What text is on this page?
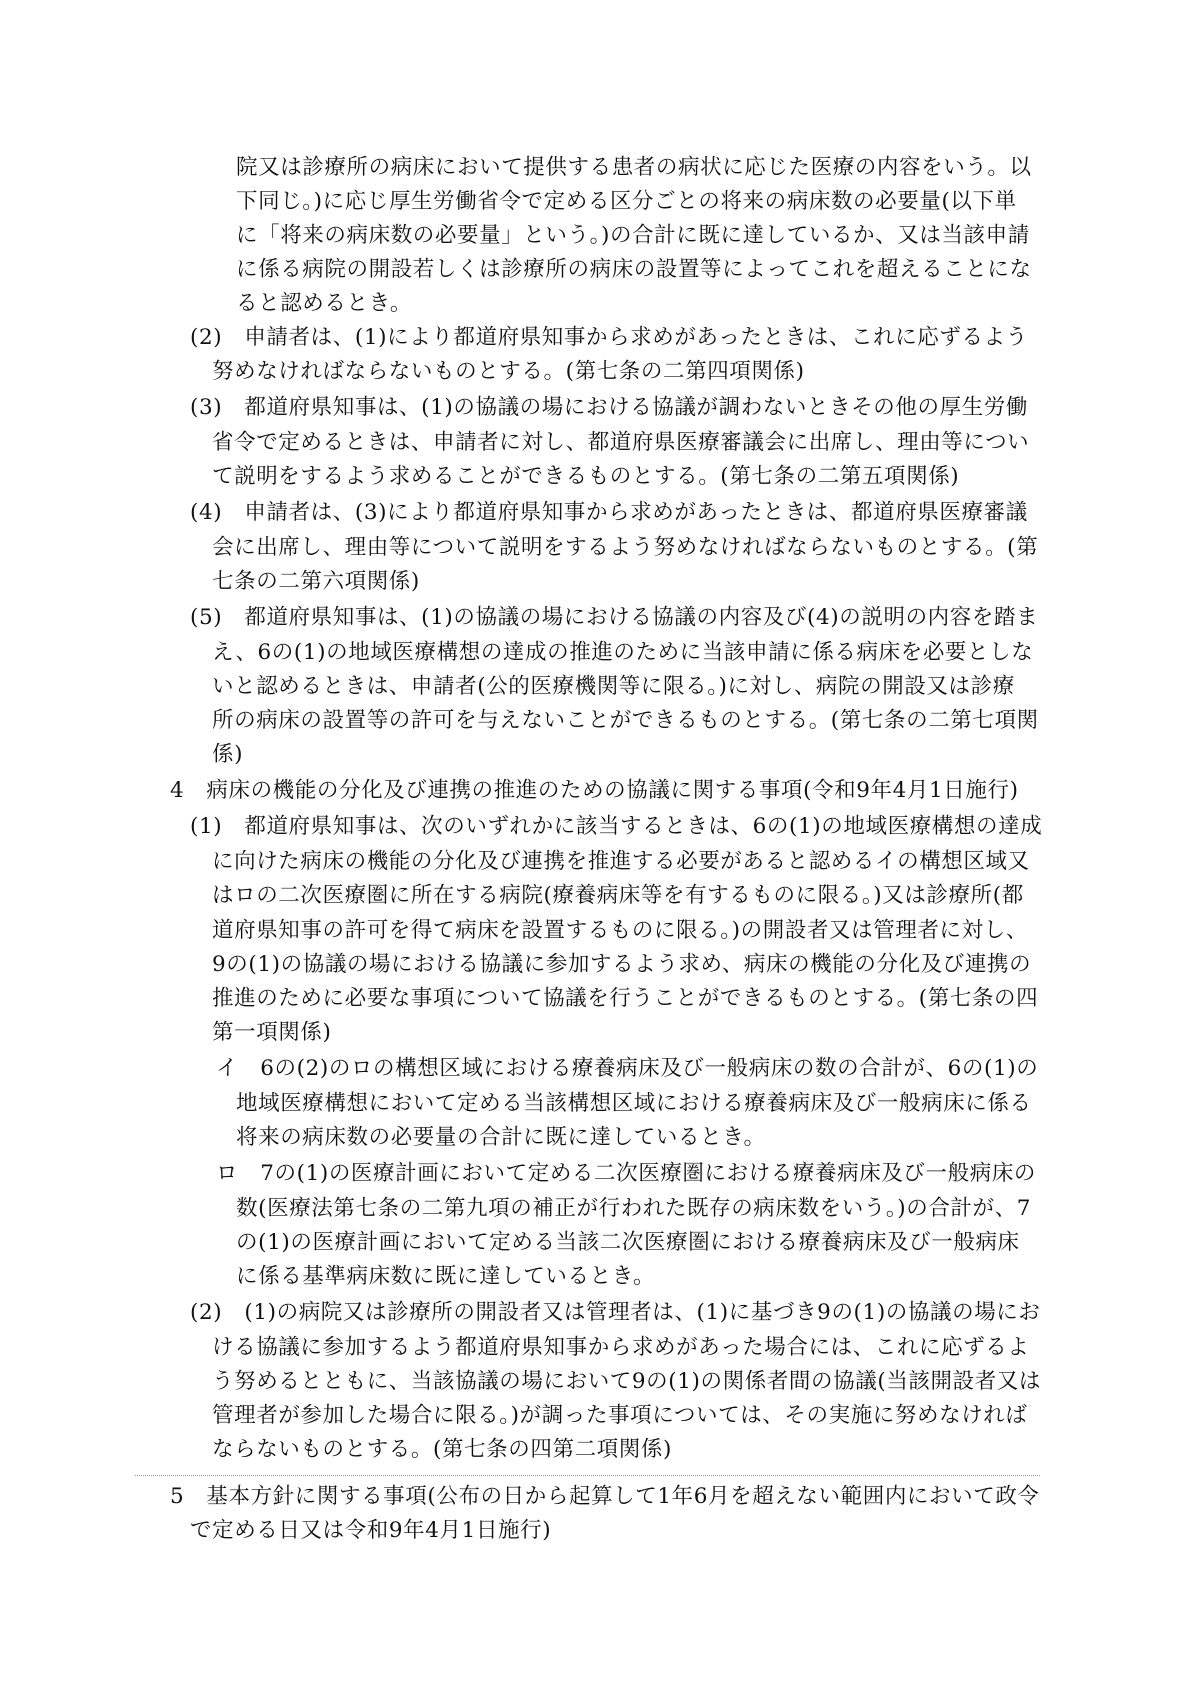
院又は診療所の病床において提供する患者の病状に応じた医療の内容をいう。以
下同じ。)に応じ厚生労働省令で定める区分ごとの将来の病床数の必要量(以下単
に「将来の病床数の必要量」という。)の合計に既に達しているか、又は当該申請
に係る病院の開設若しくは診療所の病床の設置等によってこれを超えることにな
ると認めるとき。
(2)　申請者は、(1)により都道府県知事から求めがあったときは、これに応ずるよう
努めなければならないものとする。(第七条の二第四項関係)
(3)　都道府県知事は、(1)の協議の場における協議が調わないときその他の厚生労働
省令で定めるときは、申請者に対し、都道府県医療審議会に出席し、理由等につい
て説明をするよう求めることができるものとする。(第七条の二第五項関係)
(4)　申請者は、(3)により都道府県知事から求めがあったときは、都道府県医療審議
会に出席し、理由等について説明をするよう努めなければならないものとする。(第
七条の二第六項関係)
(5)　都道府県知事は、(1)の協議の場における協議の内容及び(4)の説明の内容を踏ま
え、6の(1)の地域医療構想の達成の推進のために当該申請に係る病床を必要としな
いと認めるときは、申請者(公的医療機関等に限る。)に対し、病院の開設又は診療
所の病床の設置等の許可を与えないことができるものとする。(第七条の二第七項関
係)
4　病床の機能の分化及び連携の推進のための協議に関する事項(令和9年4月1日施行)
(1)　都道府県知事は、次のいずれかに該当するときは、6の(1)の地域医療構想の達成
に向けた病床の機能の分化及び連携を推進する必要があると認めるイの構想区域又
はロの二次医療圏に所在する病院(療養病床等を有するものに限る。)又は診療所(都
道府県知事の許可を得て病床を設置するものに限る。)の開設者又は管理者に対し、
9の(1)の協議の場における協議に参加するよう求め、病床の機能の分化及び連携の
推進のために必要な事項について協議を行うことができるものとする。(第七条の四
第一項関係)
イ　6の(2)のロの構想区域における療養病床及び一般病床の数の合計が、6の(1)の
地域医療構想において定める当該構想区域における療養病床及び一般病床に係る
将来の病床数の必要量の合計に既に達しているとき。
ロ　7の(1)の医療計画において定める二次医療圏における療養病床及び一般病床の
数(医療法第七条の二第九項の補正が行われた既存の病床数をいう。)の合計が、7
の(1)の医療計画において定める当該二次医療圏における療養病床及び一般病床
に係る基準病床数に既に達しているとき。
(2)　(1)の病院又は診療所の開設者又は管理者は、(1)に基づき9の(1)の協議の場にお
ける協議に参加するよう都道府県知事から求めがあった場合には、これに応ずるよ
う努めるとともに、当該協議の場において9の(1)の関係者間の協議(当該開設者又は
管理者が参加した場合に限る。)が調った事項については、その実施に努めなければ
ならないものとする。(第七条の四第二項関係)
5　基本方針に関する事項(公布の日から起算して1年6月を超えない範囲内において政令
で定める日又は令和9年4月1日施行)
